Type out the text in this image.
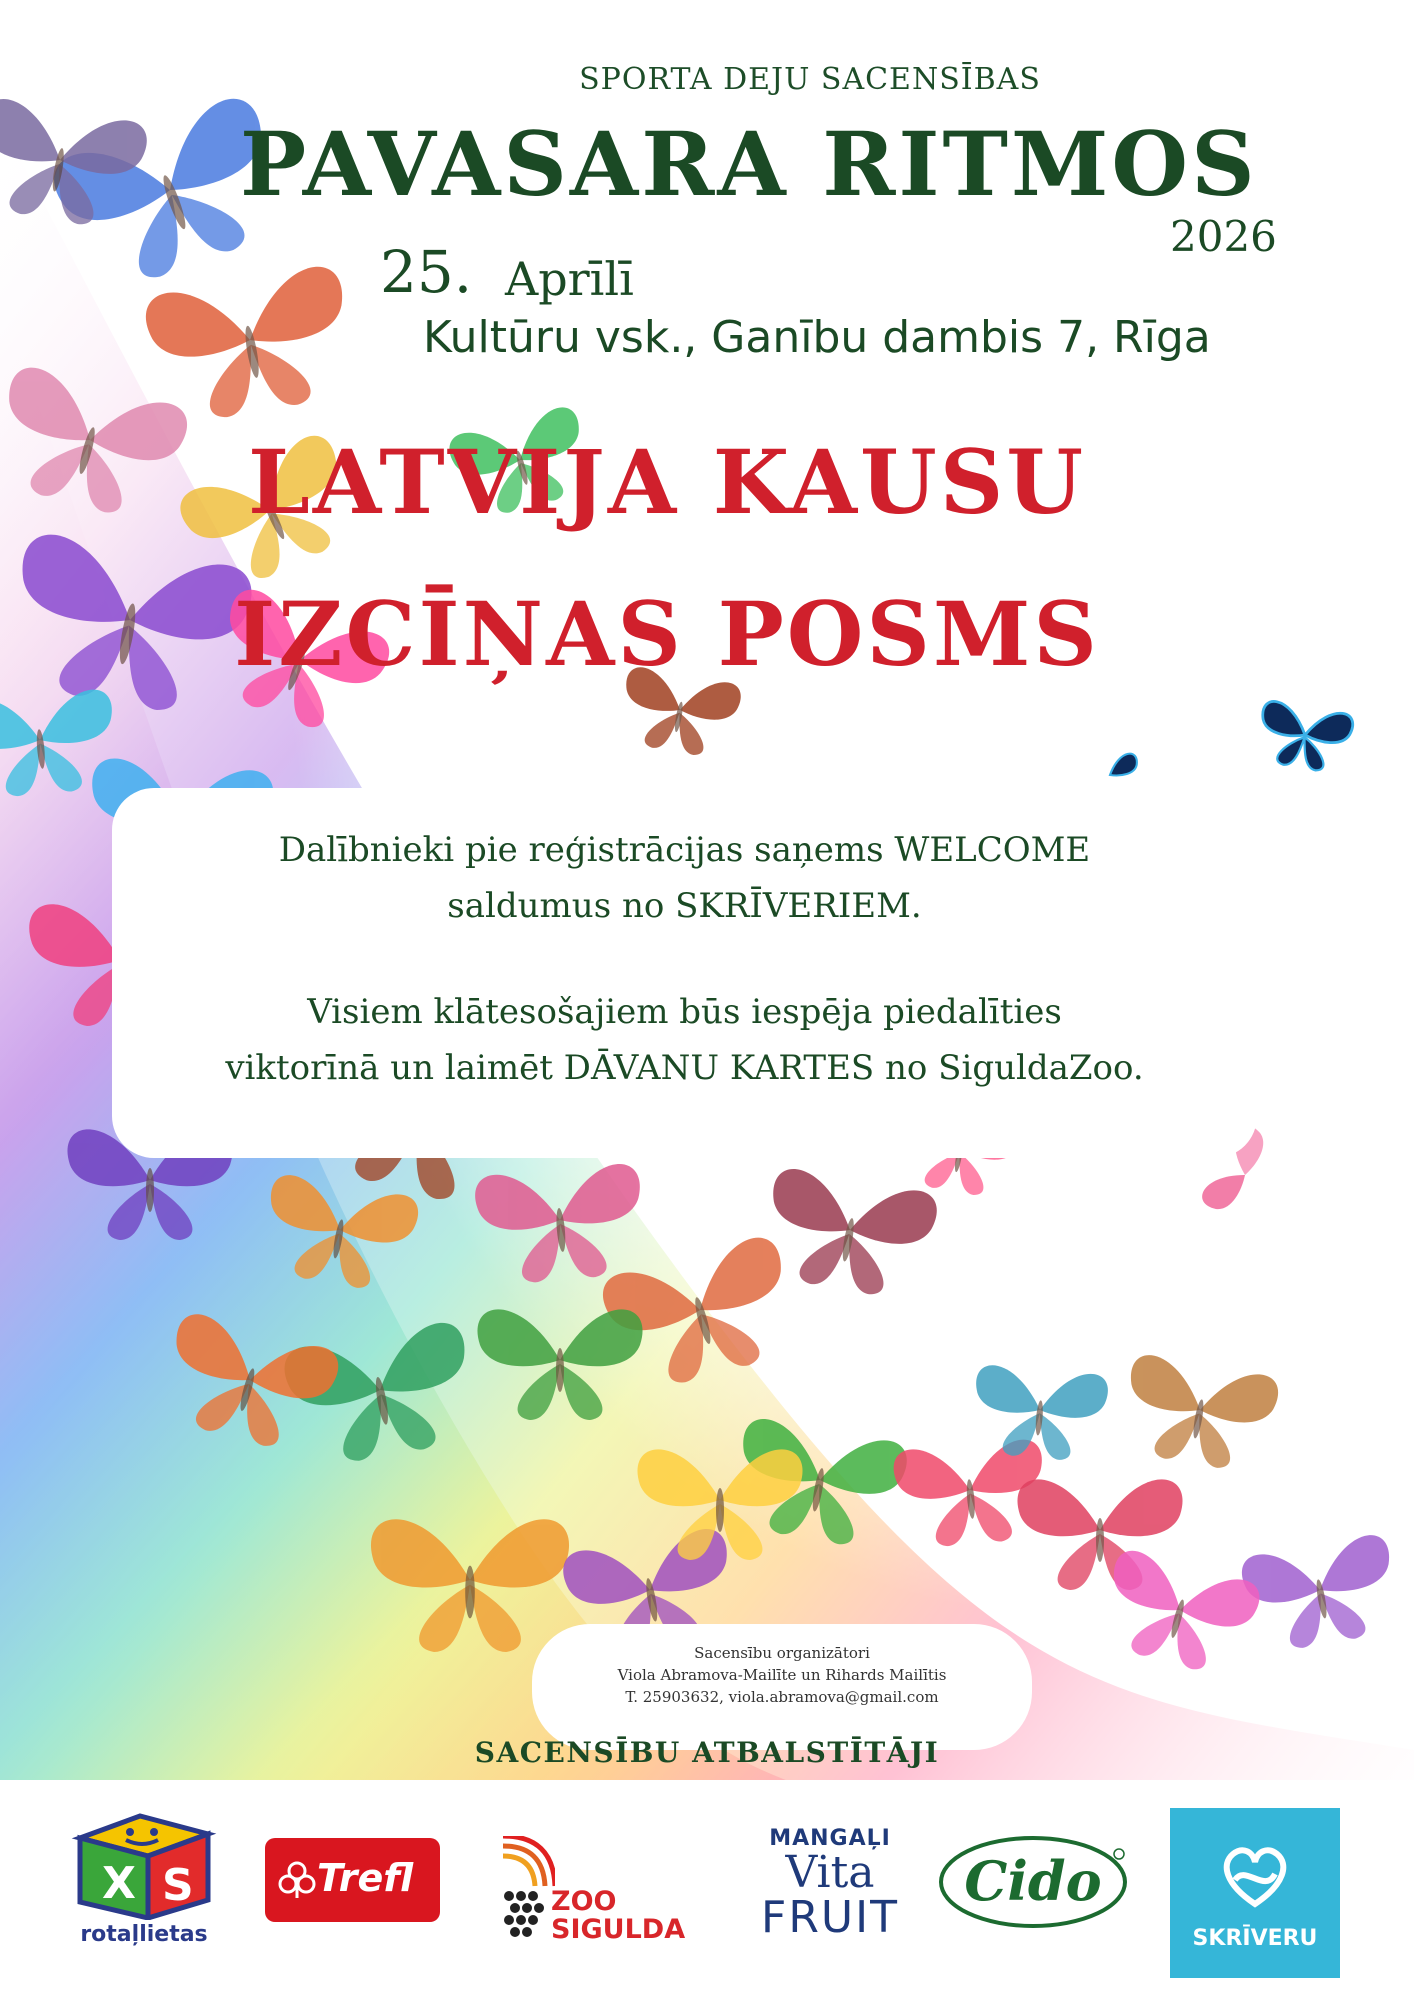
SPORTA DEJU SACENSĪBAS
PAVASARA RITMOS
2026
25. Aprīlī
Kultūru vsk., Ganību dambis 7, Rīga
LATVIJA KAUSU
IZCĪŅAS POSMS

Dalībnieki pie reģistrācijas saņems WELCOME

saldumus no SKRĪVERIEM.

Visiem klātesošajiem būs iespēja piedalīties

viktorīnā un laimēt DĀVANU KARTES no SiguldaZoo.

Sacensību organizātori
Viola Abramova-Mailīte un Rihards Mailītis
T. 25903632, viola.abramova@gmail.com
SACENSĪBU ATBALSTĪTĀJI
X S
rotaļlietas
Trefl
ZOO
SIGULDA
MANGAĻI
Vita
FRUIT
Cido
SKRĪVERU
